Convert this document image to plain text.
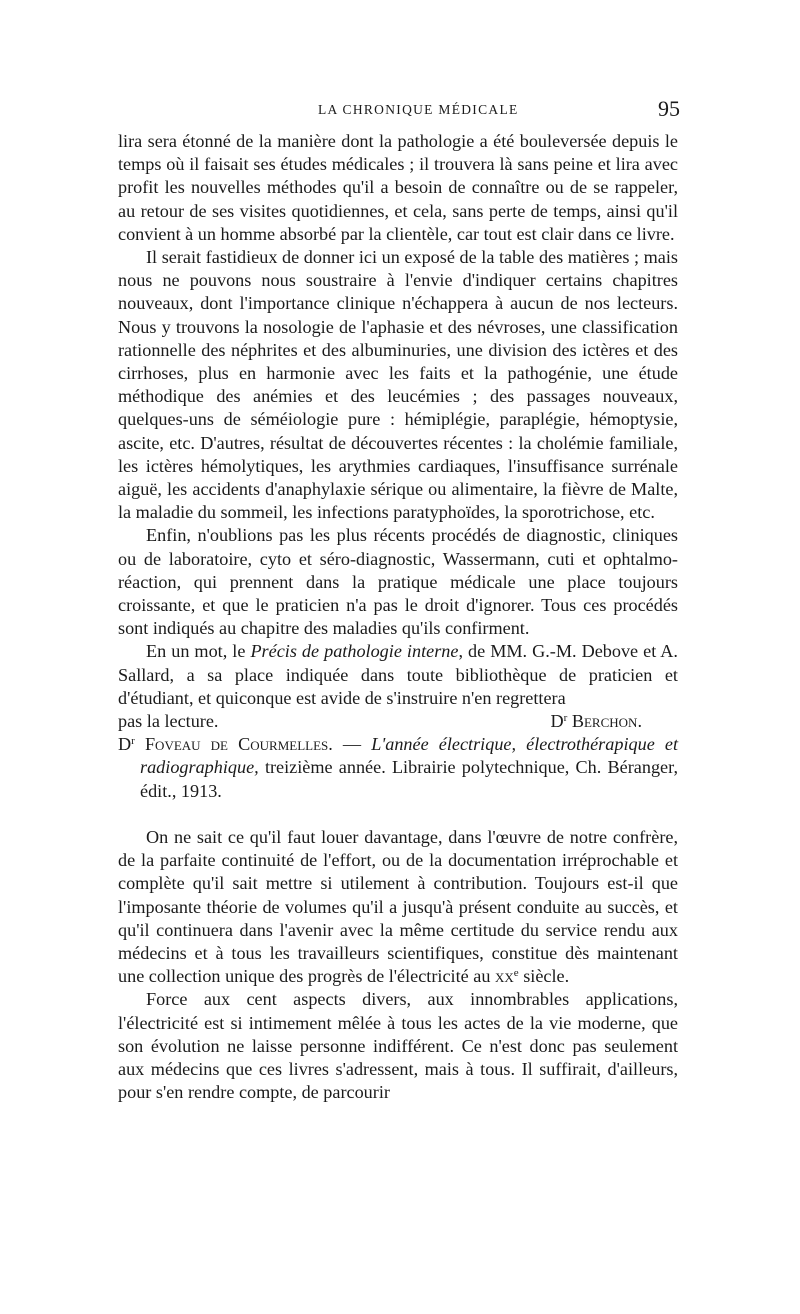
LA CHRONIQUE MÉDICALE	95

lira sera étonné de la manière dont la pathologie a été bouleversée depuis le temps où il faisait ses études médicales ; il trouvera là sans peine et lira avec profit les nouvelles méthodes qu'il a besoin de connaître ou de se rappeler, au retour de ses visites quotidiennes, et cela, sans perte de temps, ainsi qu'il convient à un homme absorbé par la clientèle, car tout est clair dans ce livre.

Il serait fastidieux de donner ici un exposé de la table des matières ; mais nous ne pouvons nous soustraire à l'envie d'indiquer certains chapitres nouveaux, dont l'importance clinique n'échappera à aucun de nos lecteurs. Nous y trouvons la nosologie de l'aphasie et des névroses, une classification rationnelle des néphrites et des albuminuries, une division des ictères et des cirrhoses, plus en harmonie avec les faits et la pathogénie, une étude méthodique des anémies et des leucémies ; des passages nouveaux, quelques-uns de séméiologie pure : hémiplégie, paraplégie, hémoptysie, ascite, etc. D'autres, résultat de découvertes récentes : la cholémie familiale, les ictères hémolytiques, les arythmies cardiaques, l'insuffisance surrénale aiguë, les accidents d'anaphylaxie sérique ou alimentaire, la fièvre de Malte, la maladie du sommeil, les infections paratyphoïdes, la sporotrichose, etc.

Enfin, n'oublions pas les plus récents procédés de diagnostic, cliniques ou de laboratoire, cyto et séro-diagnostic, Wassermann, cuti et ophtalmo-réaction, qui prennent dans la pratique médicale une place toujours croissante, et que le praticien n'a pas le droit d'ignorer. Tous ces procédés sont indiqués au chapitre des maladies qu'ils confirment.

En un mot, le Précis de pathologie interne, de MM. G.-M. Debove et A. Sallard, a sa place indiquée dans toute bibliothèque de praticien et d'étudiant, et quiconque est avide de s'instruire n'en regrettera

pas la lecture.	$D^r$ Berchon.

$D^r$ Foveau de Courmelles. — L'année électrique, électrothérapique et radiographique, treizième année. Librairie polytechnique, Ch. Béranger, édit., 1913.

On ne sait ce qu'il faut louer davantage, dans l'œuvre de notre confrère, de la parfaite continuité de l'effort, ou de la documentation irréprochable et complète qu'il sait mettre si utilement à contribution. Toujours est-il que l'imposante théorie de volumes qu'il a jusqu'à présent conduite au succès, et qu'il continuera dans l'avenir avec la même certitude du service rendu aux médecins et à tous les travailleurs scientifiques, constitue dès maintenant une collection unique des progrès de l'électricité au $xx^e$ siècle.

Force aux cent aspects divers, aux innombrables applications, l'électricité est si intimement mêlée à tous les actes de la vie moderne, que son évolution ne laisse personne indifférent. Ce n'est donc pas seulement aux médecins que ces livres s'adressent, mais à tous. Il suffirait, d'ailleurs, pour s'en rendre compte, de parcourir
